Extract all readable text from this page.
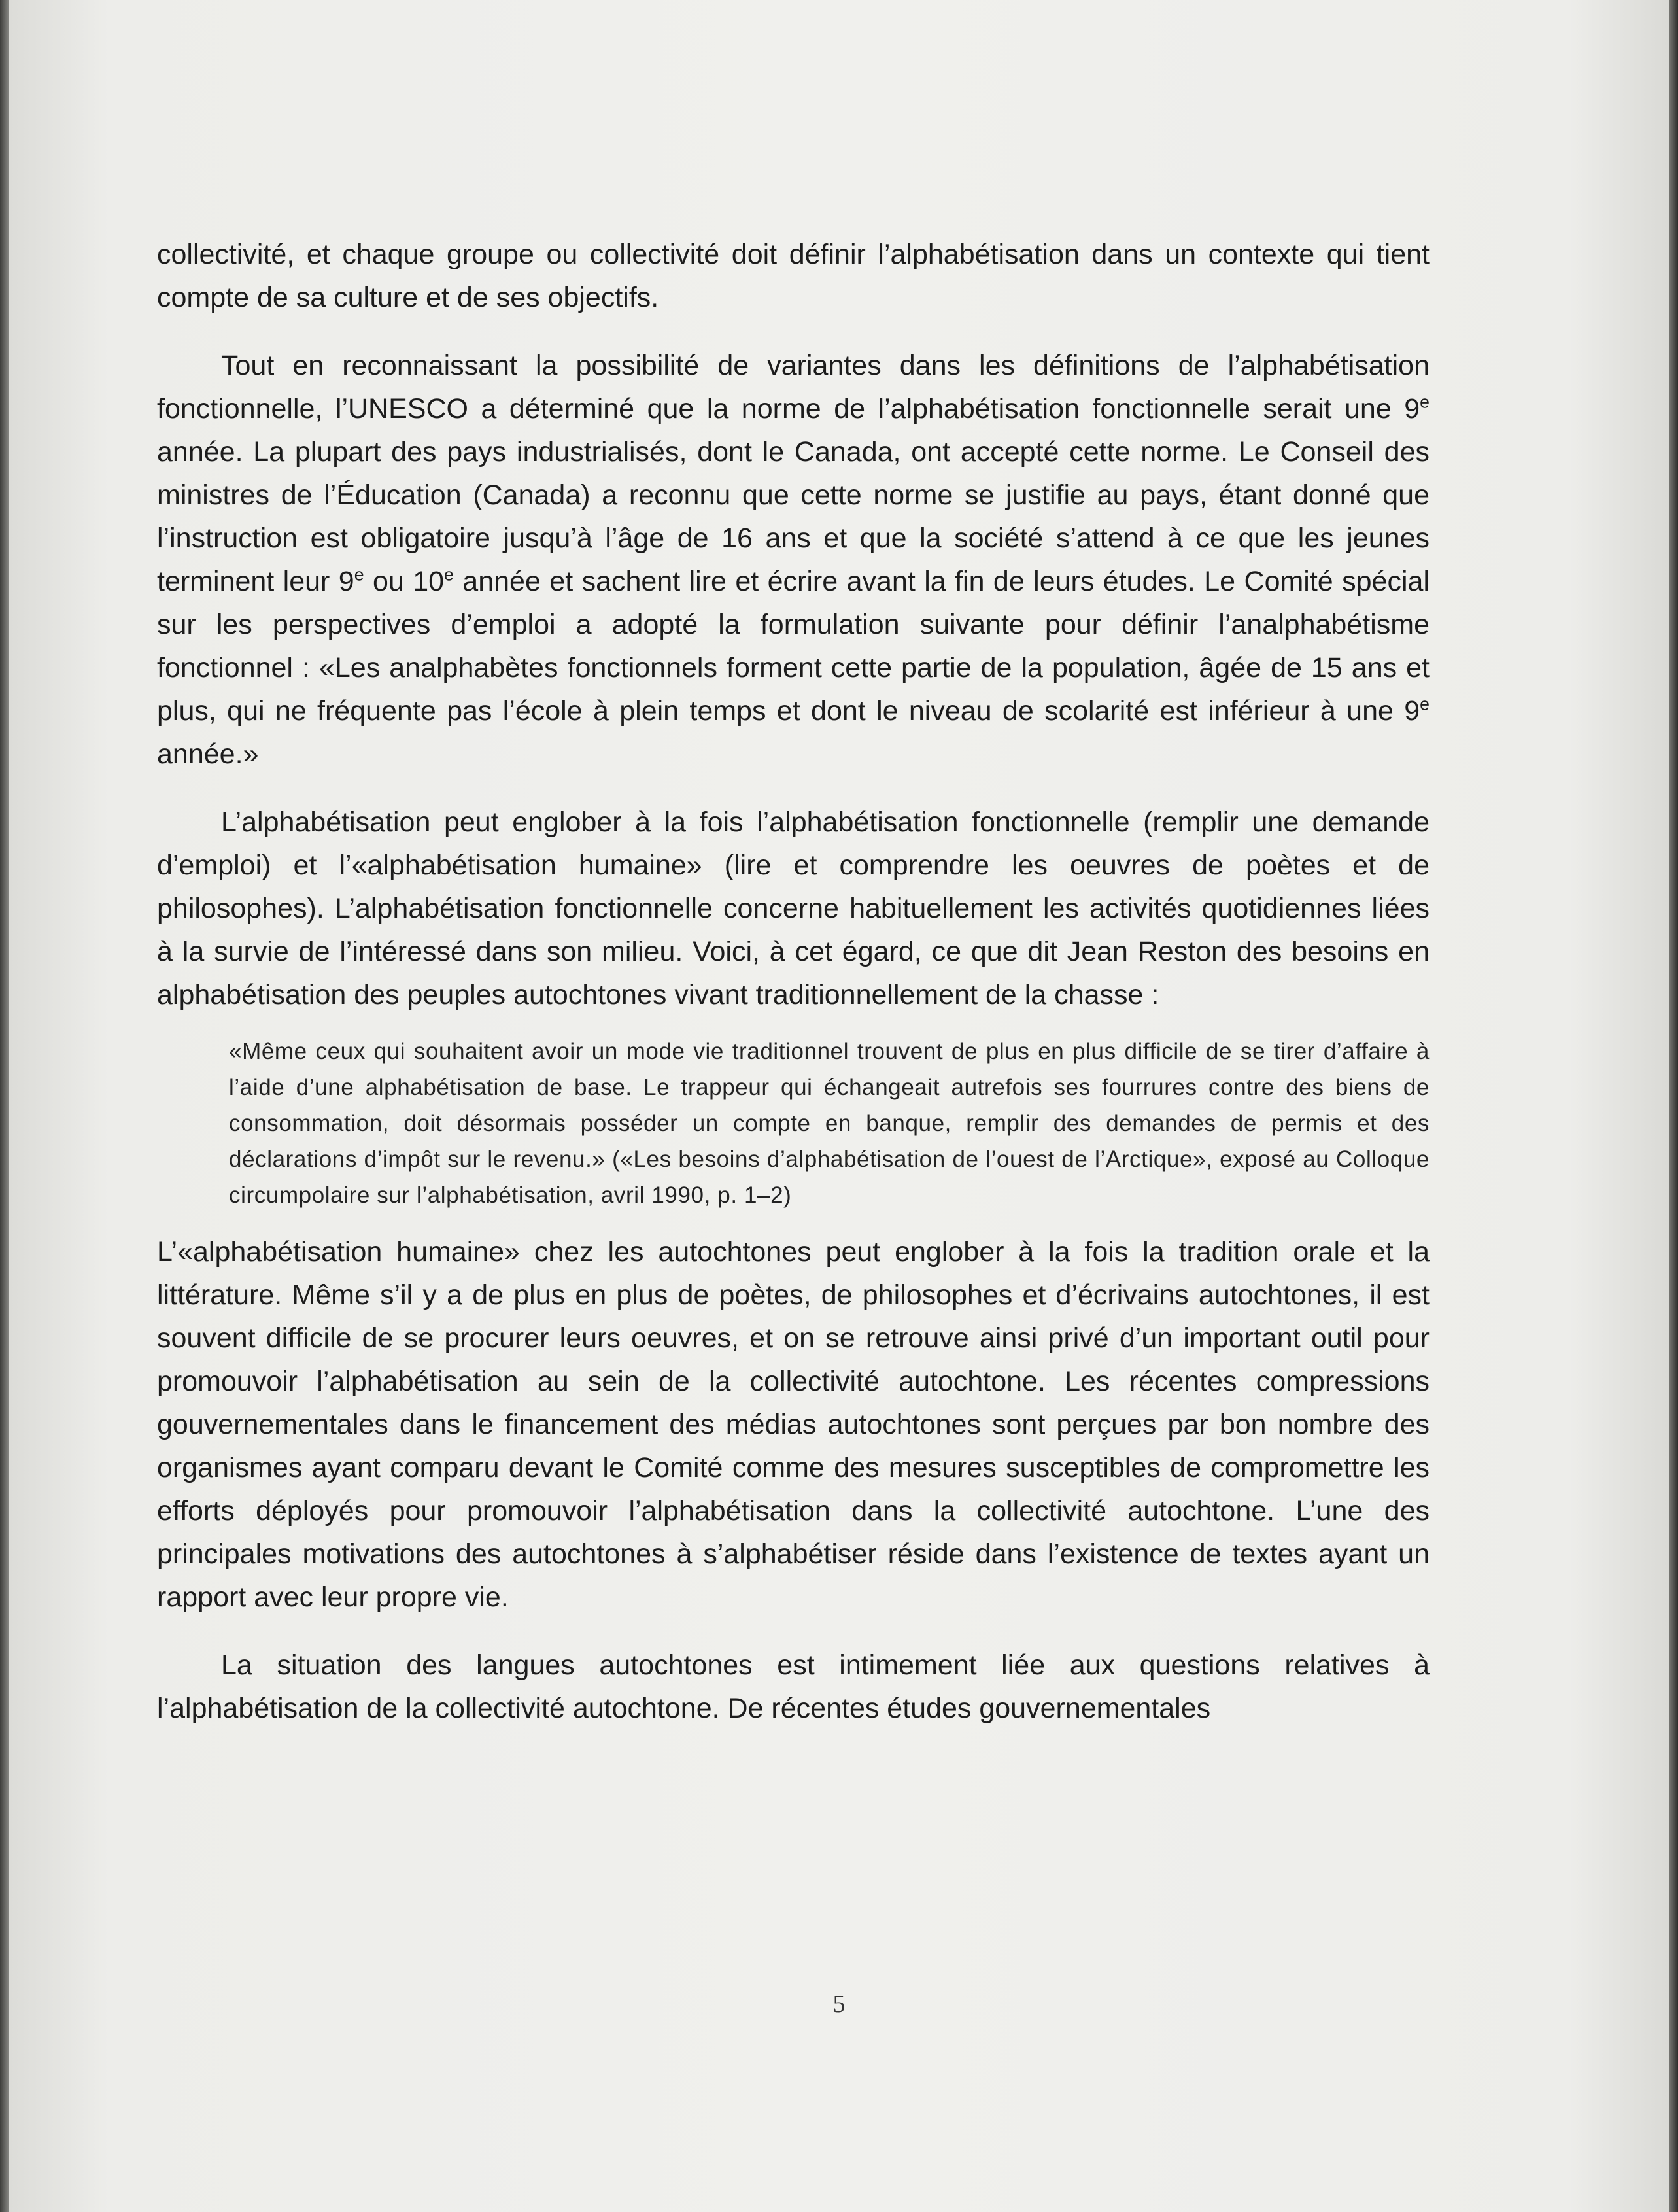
collectivité, et chaque groupe ou collectivité doit définir l’alphabétisation dans un contexte qui tient compte de sa culture et de ses objectifs.

Tout en reconnaissant la possibilité de variantes dans les définitions de l’alphabétisation fonctionnelle, l’UNESCO a déterminé que la norme de l’alphabétisation fonctionnelle serait une 9e année. La plupart des pays industrialisés, dont le Canada, ont accepté cette norme. Le Conseil des ministres de l’Éducation (Canada) a reconnu que cette norme se justifie au pays, étant donné que l’instruction est obligatoire jusqu’à l’âge de 16 ans et que la société s’attend à ce que les jeunes terminent leur 9e ou 10e année et sachent lire et écrire avant la fin de leurs études. Le Comité spécial sur les perspectives d’emploi a adopté la formulation suivante pour définir l’analphabétisme fonctionnel : «Les analphabètes fonctionnels forment cette partie de la population, âgée de 15 ans et plus, qui ne fréquente pas l’école à plein temps et dont le niveau de scolarité est inférieur à une 9e année.»

L’alphabétisation peut englober à la fois l’alphabétisation fonctionnelle (remplir une demande d’emploi) et l’«alphabétisation humaine» (lire et comprendre les oeuvres de poètes et de philosophes). L’alphabétisation fonctionnelle concerne habituellement les activités quotidiennes liées à la survie de l’intéressé dans son milieu. Voici, à cet égard, ce que dit Jean Reston des besoins en alphabétisation des peuples autochtones vivant traditionnellement de la chasse :

«Même ceux qui souhaitent avoir un mode vie traditionnel trouvent de plus en plus difficile de se tirer d’affaire à l’aide d’une alphabétisation de base. Le trappeur qui échangeait autrefois ses fourrures contre des biens de consommation, doit désormais posséder un compte en banque, remplir des demandes de permis et des déclarations d’impôt sur le revenu.» («Les besoins d’alphabétisation de l’ouest de l’Arctique», exposé au Colloque circumpolaire sur l’alphabétisation, avril 1990, p. 1–2)

L’«alphabétisation humaine» chez les autochtones peut englober à la fois la tradition orale et la littérature. Même s’il y a de plus en plus de poètes, de philosophes et d’écrivains autochtones, il est souvent difficile de se procurer leurs oeuvres, et on se retrouve ainsi privé d’un important outil pour promouvoir l’alphabétisation au sein de la collectivité autochtone. Les récentes compressions gouvernementales dans le financement des médias autochtones sont perçues par bon nombre des organismes ayant comparu devant le Comité comme des mesures susceptibles de compromettre les efforts déployés pour promouvoir l’alphabétisation dans la collectivité autochtone. L’une des principales motivations des autochtones à s’alphabétiser réside dans l’existence de textes ayant un rapport avec leur propre vie.

La situation des langues autochtones est intimement liée aux questions relatives à l’alphabétisation de la collectivité autochtone. De récentes études gouvernementales

5
